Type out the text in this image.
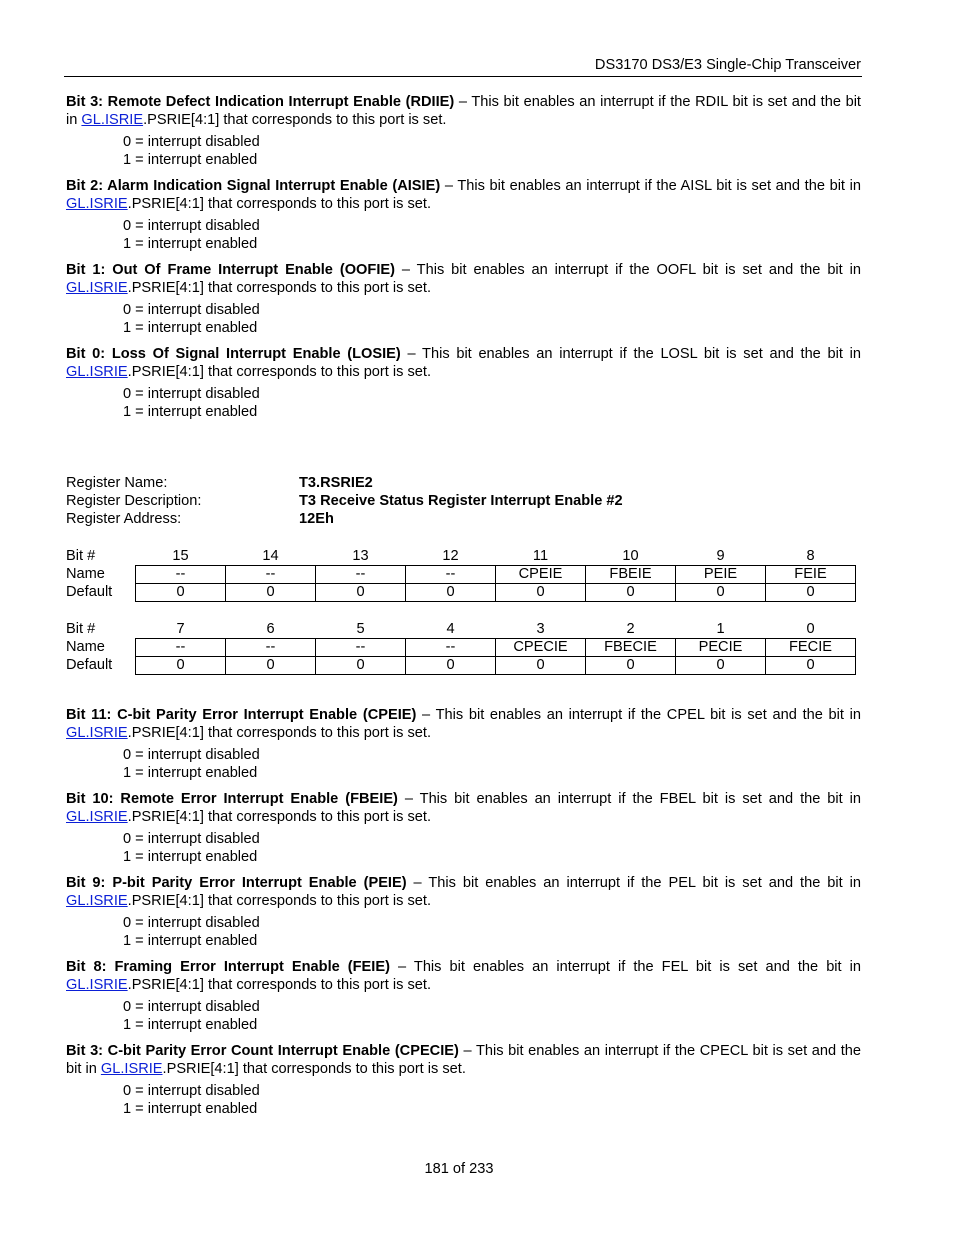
DS3170 DS3/E3 Single-Chip Transceiver

Bit 3: Remote Defect Indication Interrupt Enable (RDIIE) – This bit enables an interrupt if the RDIL bit is set and the bit in GL.ISRIE.PSRIE[4:1] that corresponds to this port is set.

0 = interrupt disabled
1 = interrupt enabled

Bit 2: Alarm Indication Signal Interrupt Enable (AISIE) – This bit enables an interrupt if the AISL bit is set and the bit in GL.ISRIE.PSRIE[4:1] that corresponds to this port is set.

0 = interrupt disabled
1 = interrupt enabled

Bit 1: Out Of Frame Interrupt Enable (OOFIE) – This bit enables an interrupt if the OOFL bit is set and the bit in GL.ISRIE.PSRIE[4:1] that corresponds to this port is set.

0 = interrupt disabled
1 = interrupt enabled

Bit 0: Loss Of Signal Interrupt Enable (LOSIE) – This bit enables an interrupt if the LOSL bit is set and the bit in GL.ISRIE.PSRIE[4:1] that corresponds to this port is set.

0 = interrupt disabled
1 = interrupt enabled
Register Name:	T3.RSRIE2
Register Description:	T3 Receive Status Register Interrupt Enable #2
Register Address:	12Eh
Bit #	15	14	13	12	11	10	9	8
Name	--	--	--	--	CPEIE	FBEIE	PEIE	FEIE
Default	0	0	0	0	0	0	0	0
Bit #	7	6	5	4	3	2	1	0
Name	--	--	--	--	CPECIE	FBECIE	PECIE	FECIE
Default	0	0	0	0	0	0	0	0

Bit 11: C-bit Parity Error Interrupt Enable (CPEIE) – This bit enables an interrupt if the CPEL bit is set and the bit in GL.ISRIE.PSRIE[4:1] that corresponds to this port is set.

0 = interrupt disabled
1 = interrupt enabled

Bit 10: Remote Error Interrupt Enable (FBEIE) – This bit enables an interrupt if the FBEL bit is set and the bit in GL.ISRIE.PSRIE[4:1] that corresponds to this port is set.

0 = interrupt disabled
1 = interrupt enabled

Bit 9: P-bit Parity Error Interrupt Enable (PEIE) – This bit enables an interrupt if the PEL bit is set and the bit in GL.ISRIE.PSRIE[4:1] that corresponds to this port is set.

0 = interrupt disabled
1 = interrupt enabled

Bit 8: Framing Error Interrupt Enable (FEIE) – This bit enables an interrupt if the FEL bit is set and the bit in GL.ISRIE.PSRIE[4:1] that corresponds to this port is set.

0 = interrupt disabled
1 = interrupt enabled

Bit 3: C-bit Parity Error Count Interrupt Enable (CPECIE) – This bit enables an interrupt if the CPECL bit is set and the bit in GL.ISRIE.PSRIE[4:1] that corresponds to this port is set.

0 = interrupt disabled
1 = interrupt enabled
181 of 233
